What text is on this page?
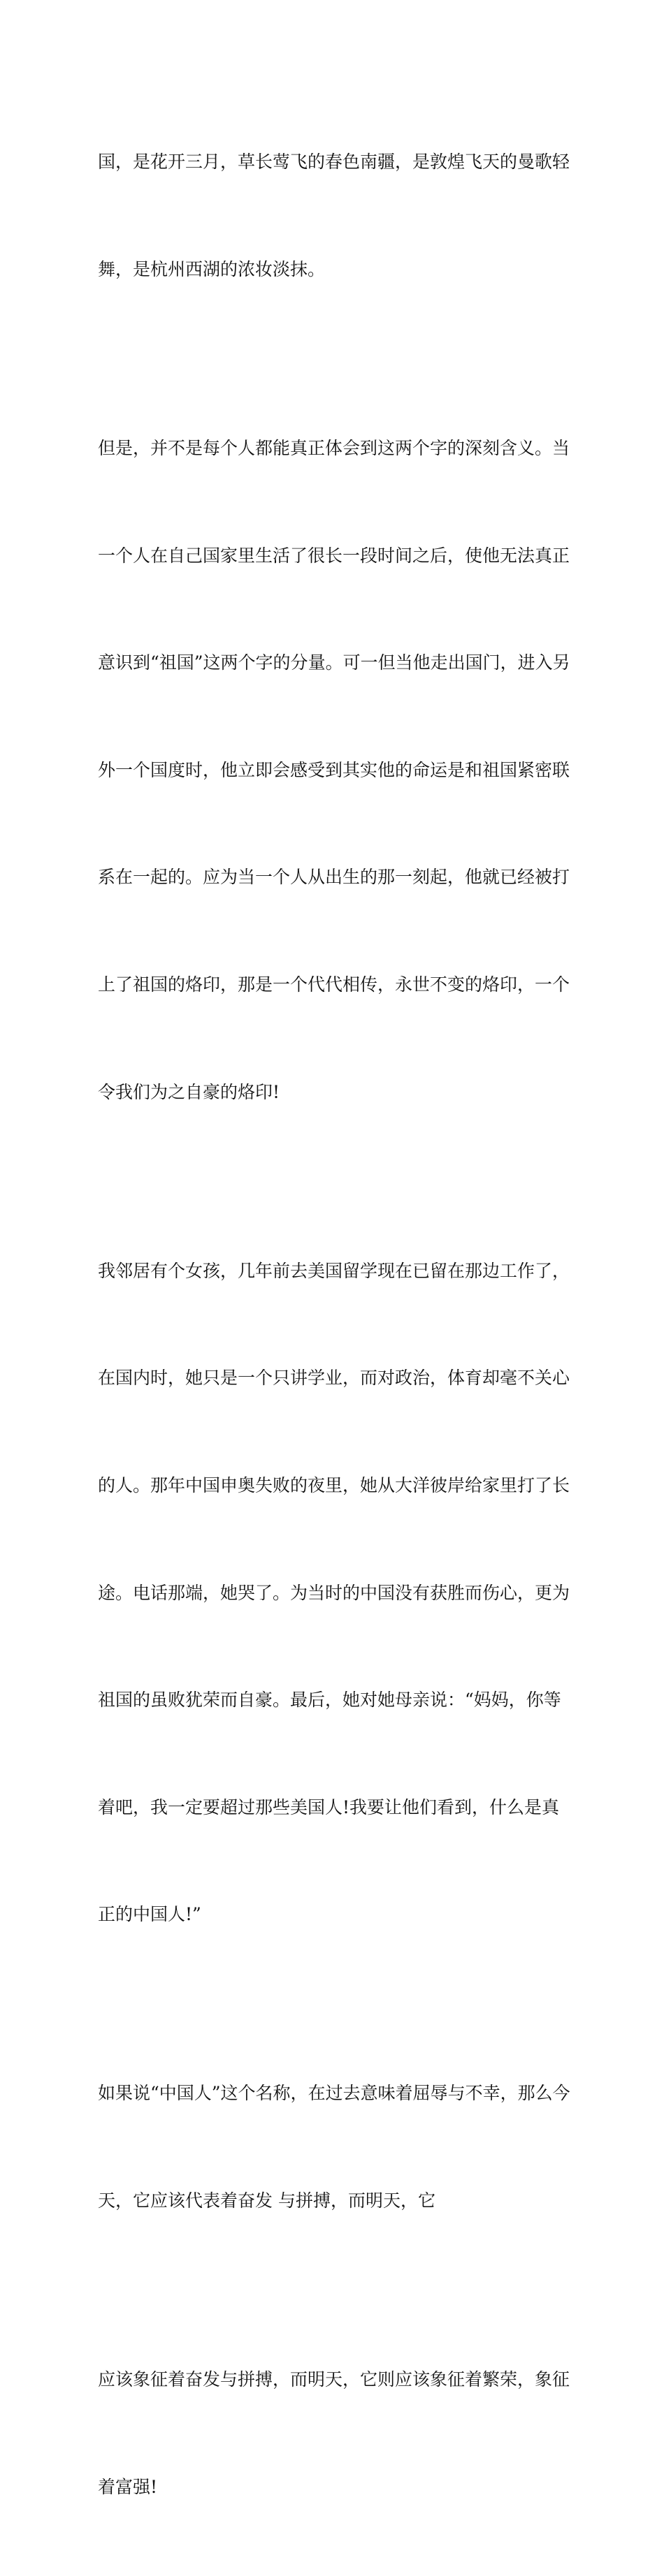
国，是花开三月，草长莺飞的春色南疆，是敦煌飞天的曼歌轻

舞，是杭州西湖的浓妆淡抹。

但是，并不是每个人都能真正体会到这两个字的深刻含义。当

一个人在自己国家里生活了很长一段时间之后，使他无法真正

意识到“祖国”这两个字的分量。可一但当他走出国门，进入另

外一个国度时，他立即会感受到其实他的命运是和祖国紧密联

系在一起的。应为当一个人从出生的那一刻起，他就已经被打

上了祖国的烙印，那是一个代代相传，永世不变的烙印，一个

令我们为之自豪的烙印!

我邻居有个女孩，几年前去美国留学现在已留在那边工作了，

在国内时，她只是一个只讲学业，而对政治，体育却毫不关心

的人。那年中国申奥失败的夜里，她从大洋彼岸给家里打了长

途。电话那端，她哭了。为当时的中国没有获胜而伤心，更为

祖国的虽败犹荣而自豪。最后，她对她母亲说：“妈妈，你等

着吧，我一定要超过那些美国人!我要让他们看到，什么是真

正的中国人!”

如果说“中国人”这个名称，在过去意味着屈辱与不幸，那么今

天，它应该代表着奋发 与拼搏，而明天，它

应该象征着奋发与拼搏，而明天，它则应该象征着繁荣，象征

着富强!
